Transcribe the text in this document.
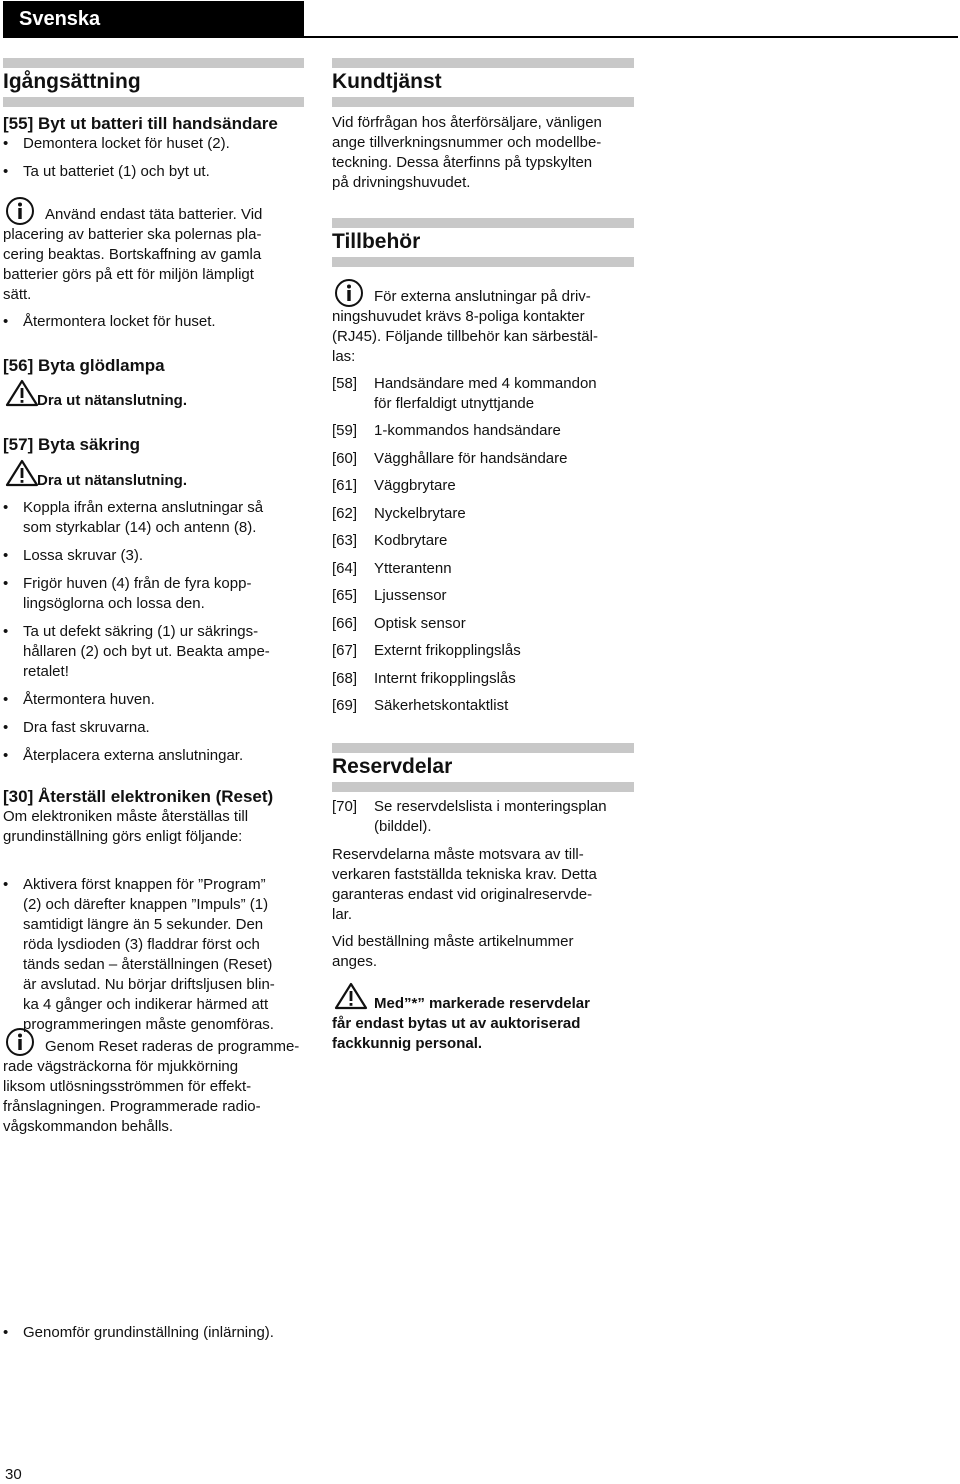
Svenska
Igångsättning
[55] Byt ut batteri till handsändare
• Demontera locket för huset (2).
• Ta ut batteriet (1) och byt ut.
Använd endast täta batterier. Vid
placering av batterier ska polernas pla-
cering beaktas. Bortskaffning av gamla
batterier görs på ett för miljön lämpligt
sätt.
• Återmontera locket för huset.
[56] Byta glödlampa
Dra ut nätanslutning.
[57] Byta säkring
Dra ut nätanslutning.
• Koppla ifrån externa anslutningar så
som styrkablar (14) och antenn (8).
• Lossa skruvar (3).
• Frigör huven (4) från de fyra kopp-
lingsöglorna och lossa den.
• Ta ut defekt säkring (1) ur säkrings-
hållaren (2) och byt ut. Beakta ampe-
retalet!
• Återmontera huven.
• Dra fast skruvarna.
• Återplacera externa anslutningar.
[30] Återställ elektroniken (Reset)
Om elektroniken måste återställas till
grundinställning görs enligt följande:
• Aktivera först knappen för ”Program”
(2) och därefter knappen ”Impuls” (1)
samtidigt längre än 5 sekunder. Den
röda lysdioden (3) fladdrar först och
tänds sedan – återställningen (Reset)
är avslutad. Nu börjar driftsljusen blin-
ka 4 gånger och indikerar härmed att
programmeringen måste genomföras.
Genom Reset raderas de programme-
rade vägsträckorna för mjukkörning
liksom utlösningsströmmen för effekt-
frånslagningen. Programmerade radio-
vågskommandon behålls.
• Genomför grundinställning (inlärning).
Kundtjänst
Vid förfrågan hos återförsäljare, vänligen
ange tillverkningsnummer och modellbe-
teckning. Dessa återfinns på typskylten
på drivningshuvudet.
Tillbehör
För externa anslutningar på driv-
ningshuvudet krävs 8-poliga kontakter
(RJ45). Följande tillbehör kan särbestäl-
las:
[58] Handsändare med 4 kommandon
för flerfaldigt utnyttjande
[59] 1-kommandos handsändare
[60] Vägghållare för handsändare
[61] Väggbrytare
[62] Nyckelbrytare
[63] Kodbrytare
[64] Ytterantenn
[65] Ljussensor
[66] Optisk sensor
[67] Externt frikopplingslås
[68] Internt frikopplingslås
[69] Säkerhetskontaktlist
Reservdelar
[70] Se reservdelslista i monteringsplan
(bilddel).
Reservdelarna måste motsvara av till-
verkaren fastställda tekniska krav. Detta
garanteras endast vid originalreservde-
lar.
Vid beställning måste artikelnummer
anges.
Med”*” markerade reservdelar
får endast bytas ut av auktoriserad
fackkunnig personal.
30
